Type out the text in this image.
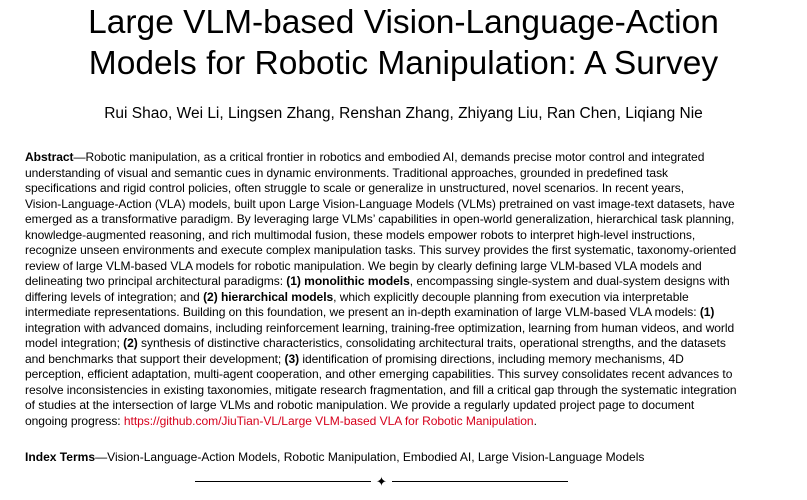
Large VLM-based Vision-Language-Action
Models for Robotic Manipulation: A Survey

Rui Shao, Wei Li, Lingsen Zhang, Renshan Zhang, Zhiyang Liu, Ran Chen, Liqiang Nie

Abstract—Robotic manipulation, as a critical frontier in robotics and embodied AI, demands precise motor control and integrated
understanding of visual and semantic cues in dynamic environments. Traditional approaches, grounded in predefined task
specifications and rigid control policies, often struggle to scale or generalize in unstructured, novel scenarios. In recent years,
Vision-Language-Action (VLA) models, built upon Large Vision-Language Models (VLMs) pretrained on vast image-text datasets, have
emerged as a transformative paradigm. By leveraging large VLMs’ capabilities in open-world generalization, hierarchical task planning,
knowledge-augmented reasoning, and rich multimodal fusion, these models empower robots to interpret high-level instructions,
recognize unseen environments and execute complex manipulation tasks. This survey provides the first systematic, taxonomy-oriented
review of large VLM-based VLA models for robotic manipulation. We begin by clearly defining large VLM-based VLA models and
delineating two principal architectural paradigms: (1) monolithic models, encompassing single-system and dual-system designs with
differing levels of integration; and (2) hierarchical models, which explicitly decouple planning from execution via interpretable
intermediate representations. Building on this foundation, we present an in-depth examination of large VLM-based VLA models: (1)
integration with advanced domains, including reinforcement learning, training-free optimization, learning from human videos, and world
model integration; (2) synthesis of distinctive characteristics, consolidating architectural traits, operational strengths, and the datasets
and benchmarks that support their development; (3) identification of promising directions, including memory mechanisms, 4D
perception, efficient adaptation, multi-agent cooperation, and other emerging capabilities. This survey consolidates recent advances to
resolve inconsistencies in existing taxonomies, mitigate research fragmentation, and fill a critical gap through the systematic integration
of studies at the intersection of large VLMs and robotic manipulation. We provide a regularly updated project page to document
ongoing progress: https://github.com/JiuTian-VL/Large VLM-based VLA for Robotic Manipulation.

Index Terms—Vision-Language-Action Models, Robotic Manipulation, Embodied AI, Large Vision-Language Models

✦
